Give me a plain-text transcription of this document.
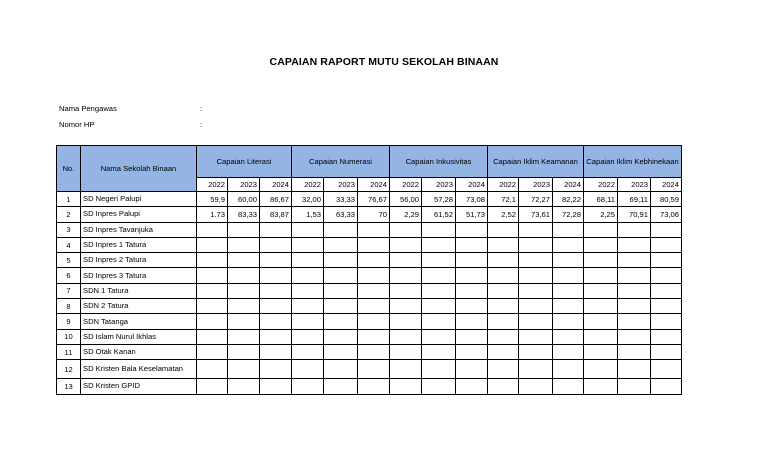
CAPAIAN RAPORT MUTU SEKOLAH BINAAN
Nama Pengawas	:
Nomor HP	:
No.	Nama Sekolah Binaan	Capaian Literasi			Capaian Numerasi			Capaian Inkusivitas			Capaian Iklim Keamanan			Capaian Iklim Kebhinekaan		
		2022	2023	2024	2022	2023	2024	2022	2023	2024	2022	2023	2024	2022	2023	2024
1	SD Negeri Palupi	59,9	60,00	86,67	32,00	33,33	76,67	56,00	57,28	73,08	72,1	72,27	82,22	68,11	69,11	80,59
2	SD Inpres Palupi	1.73	83,33	83,87	1,53	63,33	70	2,29	61,52	51,73	2,52	73,61	72,28	2,25	70,91	73,06
3	SD Inpres Tavanjuka															
4	SD Inpres 1 Tatura															
5	SD Inpres 2 Tatura															
6	SD Inpres 3 Tatura															
7	SDN 1 Tatura															
8	SDN 2 Tatura															
9	SDN Tatanga															
10	SD Islam Nurul Ikhlas															
11	SD Otak Kanan															
12	SD Kristen Bala Keselamatan															
13	SD Kristen GPID															
